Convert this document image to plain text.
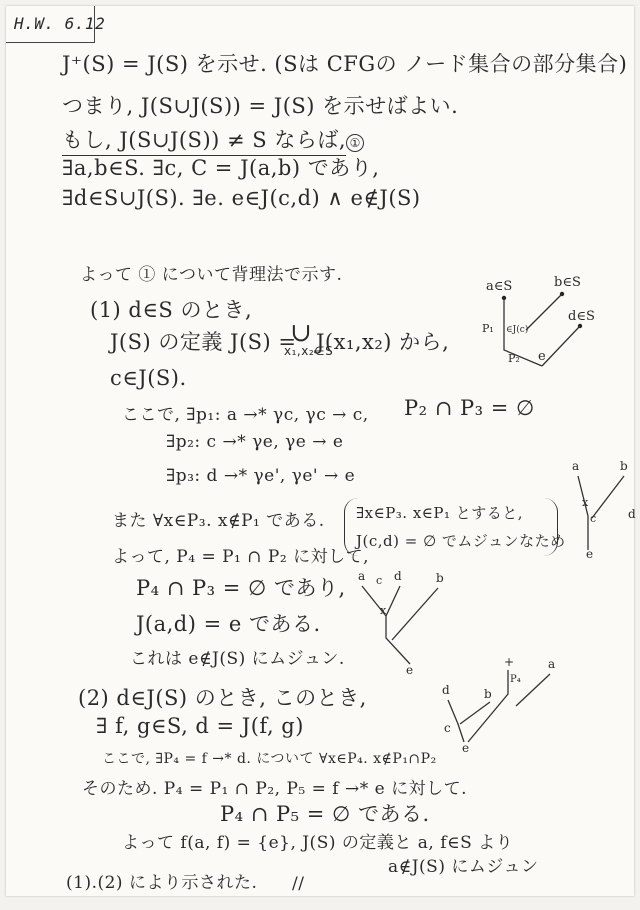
H.W. 6.12
J⁺(S) = J(S) を示せ. (Sは CFGの ノード集合の部分集合)
つまり, J(S∪J(S)) = J(S) を示せばよい.
もし, J(S∪J(S)) ≠ S ならば, ①
∃a,b∈S. ∃c, C = J(a,b) であり,
∃d∈S∪J(S). ∃e. e∈J(c,d) ∧ e∉J(S)
よって ① について背理法で示す.
(1) d∈S のとき,
J(S) の定義 J(S) =
∪
x₁,x₂∈S
J(x₁,x₂) から,
c∈J(S).
ここで, ∃p₁: a →* γc, γc → c, P₂ ∩ P₃ = ∅
∃p₂: c →* γe, γe → e
∃p₃: d →* γe', γe' → e
また ∀x∈P₃. x∉P₁ である. ∃x∈P₃. x∈P₁ とすると,
J(c,d) = ∅ でムジュンなため
よって, P₄ = P₁ ∩ P₂ に対して,
P₄ ∩ P₃ = ∅ であり,
J(a,d) = e である.
これは e∉J(S) にムジュン.
(2) d∈J(S) のとき, このとき,
∃ f, g∈S, d = J(f, g)
ここで, ∃P₄ = f →* d. について ∀x∈P₄. x∉P₁∩P₂
そのため. P₄ = P₁ ∩ P₂, P₅ = f →* e に対して.
P₄ ∩ P₅ = ∅ である.
よって f(a, f) = {e}, J(S) の定義と a, f∈S より
a∉J(S) にムジュン
(1).(2) により示された. //
a∈S	b∈S
d∈S
P₁ ∈J(c)
P₂ e
a	b
x
c	d
e
a c d	b
x
e
+	a
P₄
d	b
c
e
